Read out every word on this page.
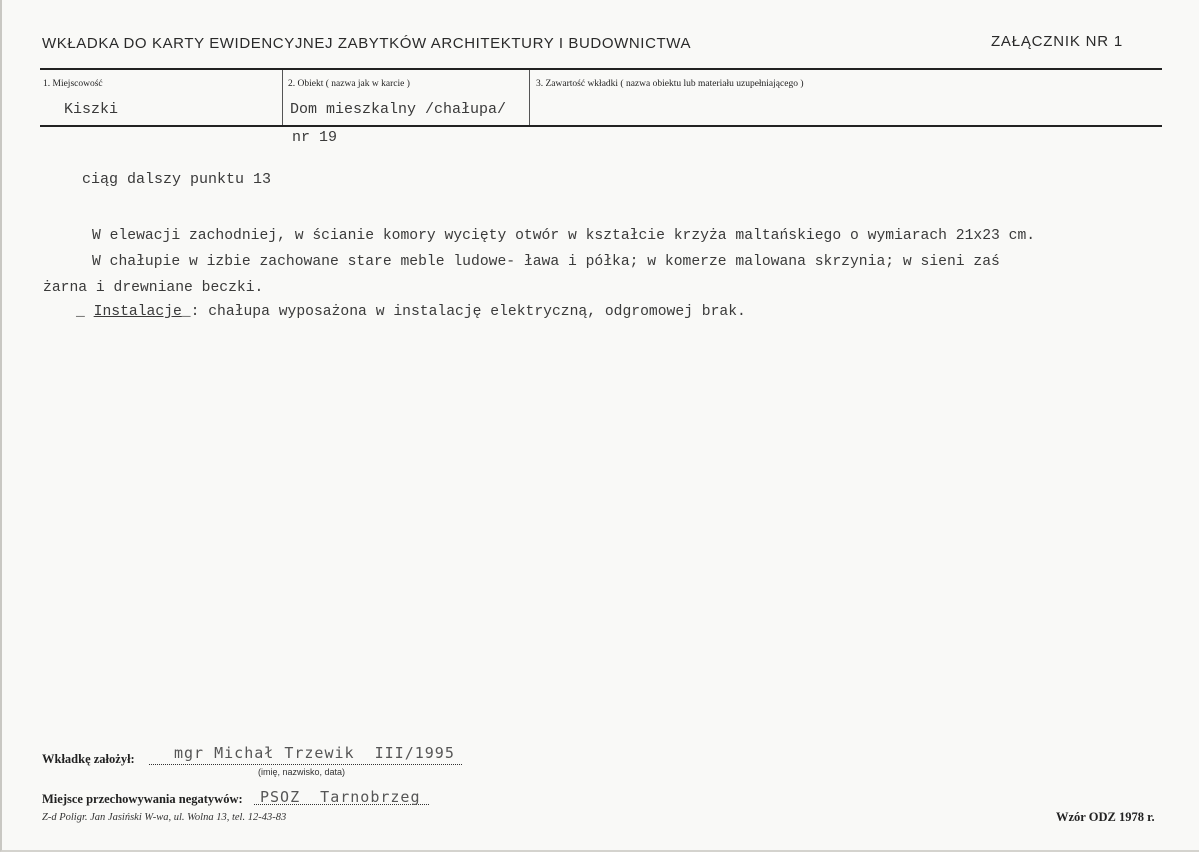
WKŁADKA DO KARTY EWIDENCYJNEJ ZABYTKÓW ARCHITEKTURY I BUDOWNICTWA	ZAŁĄCZNIK NR 1
1. Miejscowość	2. Obiekt ( nazwa jak w karcie )	3. Zawartość wkładki ( nazwa obiektu lub materiału uzupełniającego )
Kiszki	Dom mieszkalny /chałupa/
nr 19
ciąg dalszy punktu 13
W elewacji zachodniej, w ścianie komory wycięty otwór w kształcie krzyża maltańskiego o wymiarach 21x23 cm.
W chałupie w izbie zachowane stare meble ludowe- ława i półka; w komerze malowana skrzynia; w sieni zaś
żarna i drewniane beczki.
_ Instalacje_: chałupa wyposażona w instalację elektryczną, odgromowej brak.
Wkładkę założył:	mgr Michał Trzewik  III/1995
(imię, nazwisko, data)
Miejsce przechowywania negatywów: PSOZ  Tarnobrzeg
Z-d Poligr. Jan Jasiński W-wa, ul. Wolna 13, tel. 12-43-83	Wzór ODZ 1978 r.
